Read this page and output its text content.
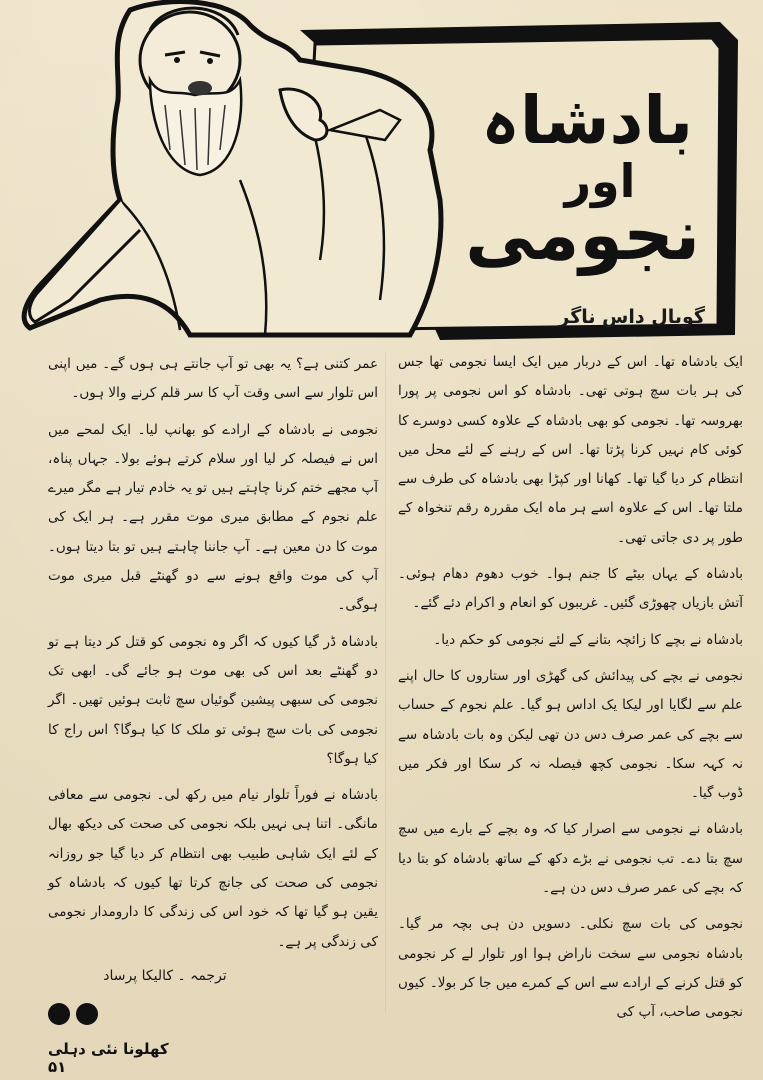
بادشاہ
اور
نجومی
گوپال داس ناگر

ایک بادشاہ تھا۔ اس کے دربار میں ایک ایسا نجومی تھا جس کی ہر بات سچ ہوتی تھی۔ بادشاہ کو اس نجومی پر پورا بھروسہ تھا۔ نجومی کو بھی بادشاہ کے علاوہ کسی دوسرے کا کوئی کام نہیں کرنا پڑتا تھا۔ اس کے رہنے کے لئے محل میں انتظام کر دیا گیا تھا۔ کھانا اور کپڑا بھی بادشاہ کی طرف سے ملتا تھا۔ اس کے علاوہ اسے ہر ماہ ایک مقررہ رقم تنخواہ کے طور پر دی جاتی تھی۔

بادشاہ کے یہاں بیٹے کا جنم ہوا۔ خوب دھوم دھام ہوئی۔ آتش بازیاں چھوڑی گئیں۔ غریبوں کو انعام و اکرام دئے گئے۔

بادشاہ نے بچے کا زائچہ بتانے کے لئے نجومی کو حکم دیا۔

نجومی نے بچے کی پیدائش کی گھڑی اور ستاروں کا حال اپنے علم سے لگایا اور لیکا یک اداس ہو گیا۔ علم نجوم کے حساب سے بچے کی عمر صرف دس دن تھی لیکن وہ بات بادشاہ سے نہ کہہ سکا۔ نجومی کچھ فیصلہ نہ کر سکا اور فکر میں ڈوب گیا۔

بادشاہ نے نجومی سے اصرار کیا کہ وہ بچے کے بارے میں سچ سچ بتا دے۔ تب نجومی نے بڑے دکھ کے ساتھ بادشاہ کو بتا دیا کہ بچے کی عمر صرف دس دن ہے۔

نجومی کی بات سچ نکلی۔ دسویں دن ہی بچہ مر گیا۔ بادشاہ نجومی سے سخت ناراض ہوا اور تلوار لے کر نجومی کو قتل کرنے کے ارادے سے اس کے کمرے میں جا کر بولا۔ کیوں نجومی صاحب، آپ کی

عمر کتنی ہے؟ یہ بھی تو آپ جانتے ہی ہوں گے۔ میں اپنی اس تلوار سے اسی وقت آپ کا سر قلم کرنے والا ہوں۔

نجومی نے بادشاہ کے ارادے کو بھانپ لیا۔ ایک لمحے میں اس نے فیصلہ کر لیا اور سلام کرتے ہوئے بولا۔ جہاں پناہ، آپ مجھے ختم کرنا چاہتے ہیں تو یہ خادم تیار ہے مگر میرے علم نجوم کے مطابق میری موت مقرر ہے۔ ہر ایک کی موت کا دن معین ہے۔ آپ جاننا چاہتے ہیں تو بتا دیتا ہوں۔ آپ کی موت واقع ہونے سے دو گھنٹے قبل میری موت ہوگی۔

بادشاہ ڈر گیا کیوں کہ اگر وہ نجومی کو قتل کر دیتا ہے تو دو گھنٹے بعد اس کی بھی موت ہو جائے گی۔ ابھی تک نجومی کی سبھی پیشین گوئیاں سچ ثابت ہوئیں تھیں۔ اگر نجومی کی بات سچ ہوئی تو ملک کا کیا ہوگا؟ اس راج کا کیا ہوگا؟

بادشاہ نے فوراً تلوار نیام میں رکھ لی۔ نجومی سے معافی مانگی۔ اتنا ہی نہیں بلکہ نجومی کی صحت کی دیکھ بھال کے لئے ایک شاہی طبیب بھی انتظام کر دیا گیا جو روزانہ نجومی کی صحت کی جانچ کرتا تھا کیوں کہ بادشاہ کو یقین ہو گیا تھا کہ خود اس کی زندگی کا دارومدار نجومی کی زندگی پر ہے۔

ترجمہ ۔ کالیکا پرساد
کھلونا نئی دہلی ۵۱
